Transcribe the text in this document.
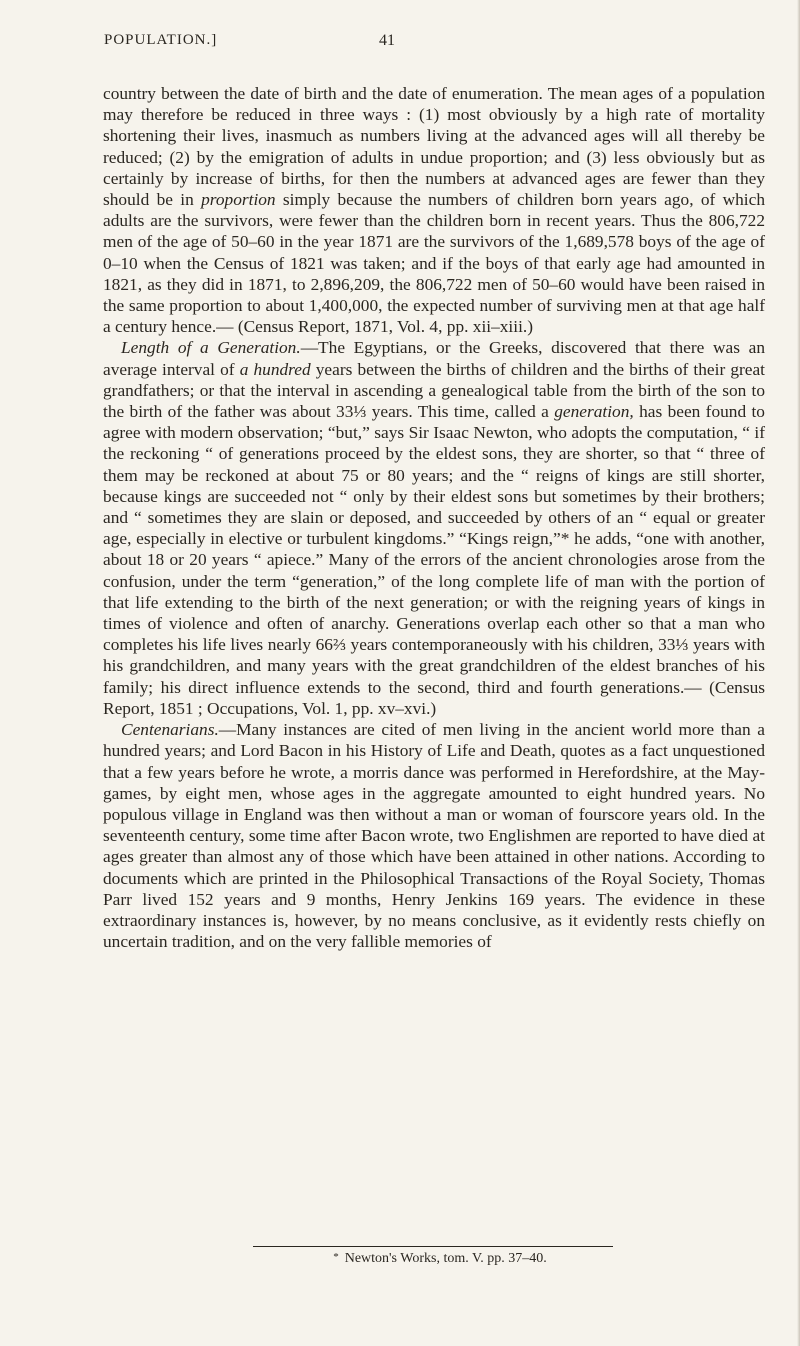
POPULATION.]	41

country between the date of birth and the date of enumeration. The mean ages of a population may therefore be reduced in three ways : (1) most obviously by a high rate of mortality shortening their lives, inasmuch as numbers living at the advanced ages will all thereby be reduced; (2) by the emigration of adults in undue proportion; and (3) less obviously but as certainly by increase of births, for then the numbers at advanced ages are fewer than they should be in proportion simply because the numbers of children born years ago, of which adults are the survivors, were fewer than the children born in recent years. Thus the 806,722 men of the age of 50–60 in the year 1871 are the survivors of the 1,689,578 boys of the age of 0–10 when the Census of 1821 was taken; and if the boys of that early age had amounted in 1821, as they did in 1871, to 2,896,209, the 806,722 men of 50–60 would have been raised in the same proportion to about 1,400,000, the expected number of surviving men at that age half a century hence.— (Census Report, 1871, Vol. 4, pp. xii–xiii.)

Length of a Generation.—The Egyptians, or the Greeks, discovered that there was an average interval of a hundred years between the births of children and the births of their great grandfathers; or that the interval in ascending a genealogical table from the birth of the son to the birth of the father was about 33⅓ years. This time, called a generation, has been found to agree with modern observation; “but,” says Sir Isaac Newton, who adopts the computation, “ if the reckoning “ of generations proceed by the eldest sons, they are shorter, so that “ three of them may be reckoned at about 75 or 80 years; and the “ reigns of kings are still shorter, because kings are succeeded not “ only by their eldest sons but sometimes by their brothers; and “ sometimes they are slain or deposed, and succeeded by others of an “ equal or greater age, especially in elective or turbulent kingdoms.” “Kings reign,”* he adds, “one with another, about 18 or 20 years “ apiece.” Many of the errors of the ancient chronologies arose from the confusion, under the term “generation,” of the long complete life of man with the portion of that life extending to the birth of the next generation; or with the reigning years of kings in times of violence and often of anarchy. Generations overlap each other so that a man who completes his life lives nearly 66⅔ years contemporaneously with his children, 33⅓ years with his grandchildren, and many years with the great grandchildren of the eldest branches of his family; his direct influence extends to the second, third and fourth generations.— (Census Report, 1851 ; Occupations, Vol. 1, pp. xv–xvi.)

Centenarians.—Many instances are cited of men living in the ancient world more than a hundred years; and Lord Bacon in his History of Life and Death, quotes as a fact unquestioned that a few years before he wrote, a morris dance was performed in Herefordshire, at the May-games, by eight men, whose ages in the aggregate amounted to eight hundred years. No populous village in England was then without a man or woman of fourscore years old. In the seventeenth century, some time after Bacon wrote, two Englishmen are reported to have died at ages greater than almost any of those which have been attained in other nations. According to documents which are printed in the Philosophical Transactions of the Royal Society, Thomas Parr lived 152 years and 9 months, Henry Jenkins 169 years. The evidence in these extraordinary instances is, however, by no means conclusive, as it evidently rests chiefly on uncertain tradition, and on the very fallible memories of

* Newton's Works, tom. V. pp. 37–40.
